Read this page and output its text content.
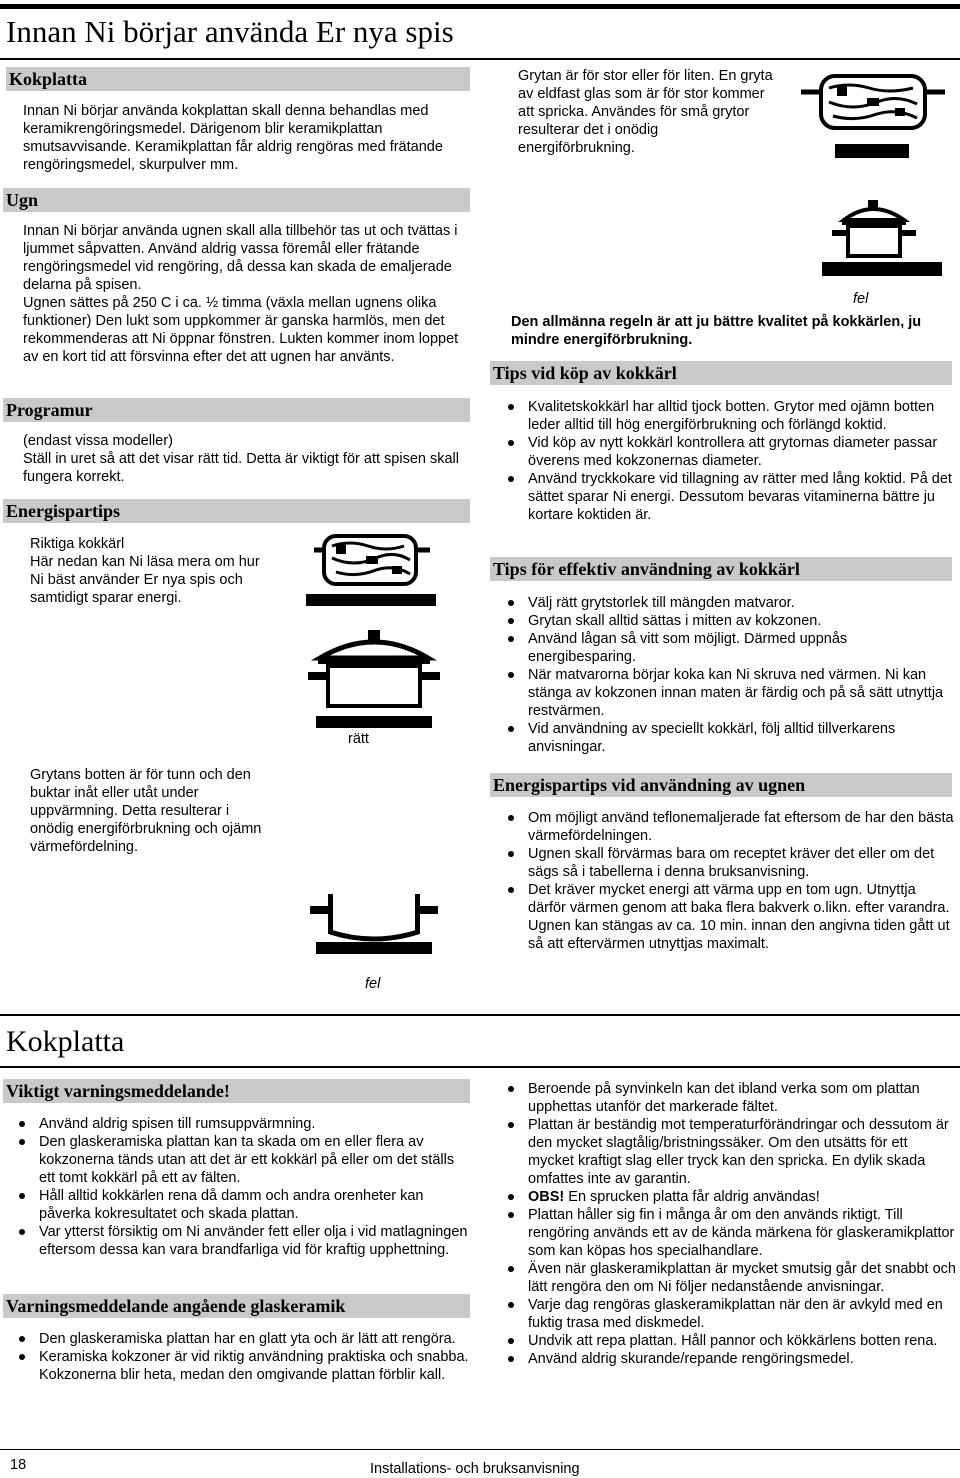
Innan Ni börjar använda Er nya spis
Kokplatta

Innan Ni börjar använda kokplattan skall denna behandlas med keramikrengöringsmedel. Därigenom blir keramikplattan smutsavvisande. Keramikplattan får aldrig rengöras med frätande rengöringsmedel, skurpulver mm.

Ugn

Innan Ni börjar använda ugnen skall alla tillbehör tas ut och tvättas i ljummet såpvatten. Använd aldrig vassa föremål eller frätande rengöringsmedel vid rengöring, då dessa kan skada de emaljerade delarna på spisen.

Ugnen sättes på 250 C i ca. ½ timma (växla mellan ugnens olika funktioner) Den lukt som uppkommer är ganska harmlös, men det rekommenderas att Ni öppnar fönstren. Lukten kommer inom loppet av en kort tid att försvinna efter det att ugnen har använts.

Programur

(endast vissa modeller)

Ställ in uret så att det visar rätt tid. Detta är viktigt för att spisen skall fungera korrekt.

Energispartips
Riktiga kokkärl
Här nedan kan Ni läsa mera om hur Ni bäst använder Er nya spis och samtidigt sparar energi.
Grytans botten är för tunn och den buktar inåt eller utåt under uppvärmning. Detta resulterar i onödig energiförbrukning och ojämn värmefördelning.
rätt
fel
Grytan är för stor eller för liten. En gryta av eldfast glas som är för stor kommer att spricka. Användes för små grytor resulterar det i onödig energiförbrukning.
fel
Den allmänna regeln är att ju bättre kvalitet på kokkärlen, ju mindre energiförbrukning.
Tips vid köp av kokkärl
Kvalitetskokkärl har alltid tjock botten. Grytor med ojämn botten leder alltid till hög energiförbrukning och förlängd koktid.
Vid köp av nytt kokkärl kontrollera att grytornas diameter passar överens med kokzonernas diameter.
Använd tryckkokare vid tillagning av rätter med lång koktid. På det sättet sparar Ni energi. Dessutom bevaras vitaminerna bättre ju kortare koktiden är.
Tips för effektiv användning av kokkärl
Välj rätt grytstorlek till mängden matvaror.
Grytan skall alltid sättas i mitten av kokzonen.
Använd lågan så vitt som möjligt. Därmed uppnås energibesparing.
När matvarorna börjar koka kan Ni skruva ned värmen. Ni kan stänga av kokzonen innan maten är färdig och på så sätt utnyttja restvärmen.
Vid användning av speciellt kokkärl, följ alltid tillverkarens anvisningar.
Energispartips vid användning av ugnen
Om möjligt använd teflonemaljerade fat eftersom de har den bästa värmefördelningen.
Ugnen skall förvärmas bara om receptet kräver det eller om det sägs så i tabellerna i denna bruksanvisning.
Det kräver mycket energi att värma upp en tom ugn. Utnyttja därför värmen genom att baka flera bakverk o.likn. efter varandra. Ugnen kan stängas av ca. 10 min. innan den angivna tiden gått ut så att eftervärmen utnyttjas maximalt.
Kokplatta
Viktigt varningsmeddelande!
Använd aldrig spisen till rumsuppvärmning.
Den glaskeramiska plattan kan ta skada om en eller flera av kokzonerna tänds utan att det är ett kokkärl på eller om det ställs ett tomt kokkärl på ett av fälten.
Håll alltid kokkärlen rena då damm och andra orenheter kan påverka kokresultatet och skada plattan.
Var ytterst försiktig om Ni använder fett eller olja i vid matlagningen eftersom dessa kan vara brandfarliga vid för kraftig upphettning.
Varningsmeddelande angående glaskeramik
Den glaskeramiska plattan har en glatt yta och är lätt att rengöra.
Keramiska kokzoner är vid riktig användning praktiska och snabba. Kokzonerna blir heta, medan den omgivande plattan förblir kall.
Beroende på synvinkeln kan det ibland verka som om plattan upphettas utanför det markerade fältet.
Plattan är beständig mot temperaturförändringar och dessutom är den mycket slagtålig/bristningssäker. Om den utsätts för ett mycket kraftigt slag eller tryck kan den spricka. En dylik skada omfattes inte av garantin.
OBS! En sprucken platta får aldrig användas!
Plattan håller sig fin i många år om den används riktigt. Till rengöring används ett av de kända märkena för glaskeramikplattor som kan köpas hos specialhandlare.
Även när glaskeramikplattan är mycket smutsig går det snabbt och lätt rengöra den om Ni följer nedanstående anvisningar.
Varje dag rengöras glaskeramikplattan när den är avkyld med en fuktig trasa med diskmedel.
Undvik att repa plattan. Håll pannor och kökkärlens botten rena.
Använd aldrig skurande/repande rengöringsmedel.
18	Installations- och bruksanvisning
